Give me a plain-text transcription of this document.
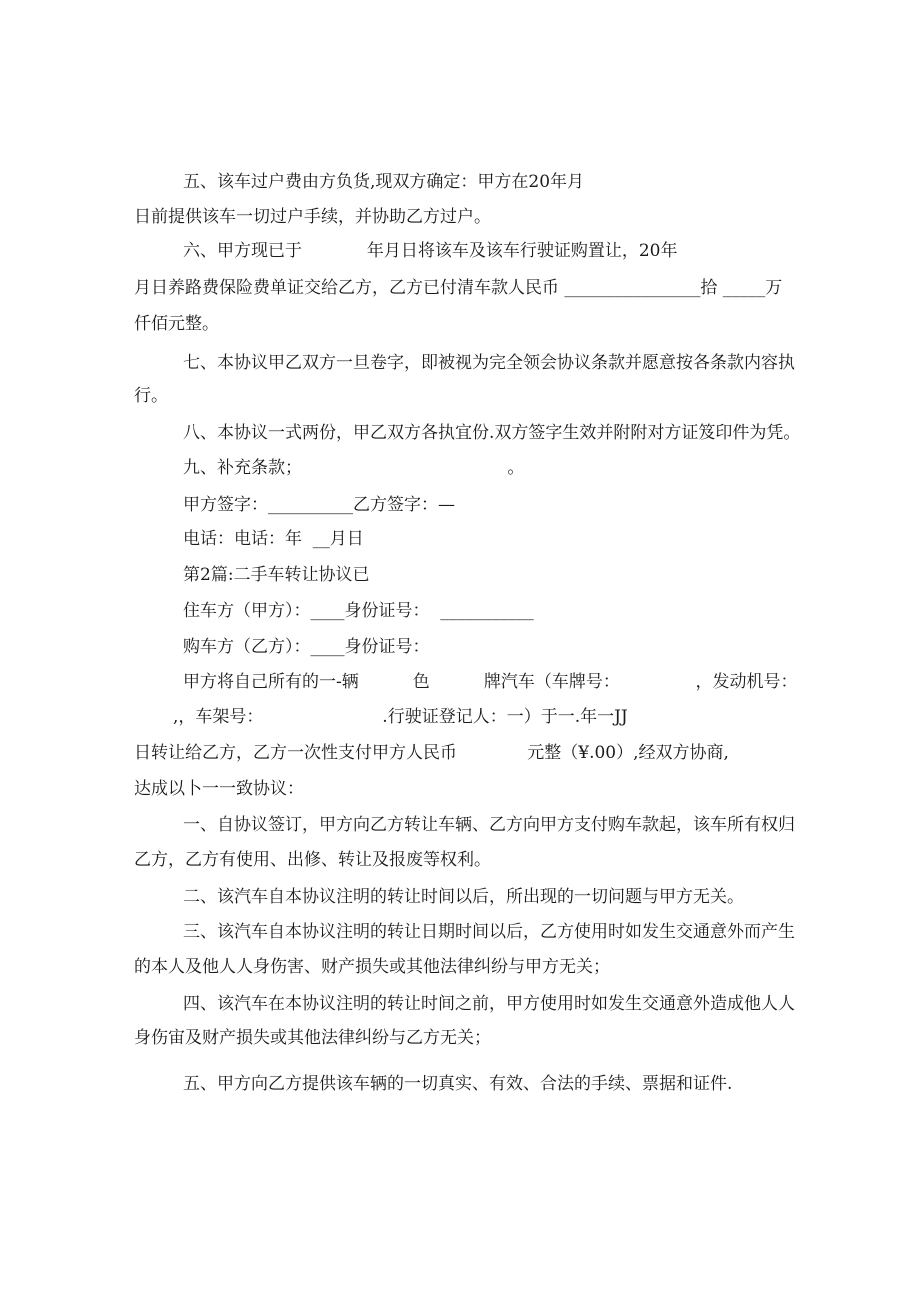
五、该车过户费由方负货,现双方确定：甲方在20年月
日前提供该车一切过户手续，并协助乙方过户。
六、甲方现已于            年月日将该车及该车行驶证购置让，20年
月日养路费保险费单证交给乙方，乙方已付清车款人民币 ________________拾 _____万
仟佰元整。
七、本协议甲乙双方一旦卷字，即被视为完全领会协议条款并愿意按各条款内容执
行。
八、本协议一式两份，甲乙双方各执宜份.双方签字生效并附附对方证笈印件为凭。
九、补充条款；                                      。
甲方签字：__________乙方签字：—
电话：电话：年  __月日
第2篇:二手车转让协议已
住车方（甲方）：____身份证号：  ___________
购车方（乙方）：____身份证号：
甲方将自己所有的一-辆          色          牌汽车（车牌号：              ，发动机号：
,，车架号：                      .行驶证登记人：一）于一.年一JJ
日转让给乙方，乙方一次性支付甲方人民币             元整（¥.00）,经双方协商,
达成以卜一一致协议：
一、自协议签订，甲方向乙方转让车辆、乙方向甲方支付购车款起，该车所有权归
乙方，乙方有使用、出修、转让及报废等权利。
二、该汽车自本协议注明的转让时间以后，所出现的一切问题与甲方无关。
三、该汽车自本协议注明的转让日期时间以后，乙方使用时如发生交通意外而产生
的本人及他人人身伤害、财产损失或其他法律纠纷与甲方无关；
四、该汽车在本协议注明的转让时间之前，甲方使用时如发生交通意外造成他人人
身伤宙及财产损失或其他法律纠纷与乙方无关；
五、甲方向乙方提供该车辆的一切真实、有效、合法的手续、票据和证件.
